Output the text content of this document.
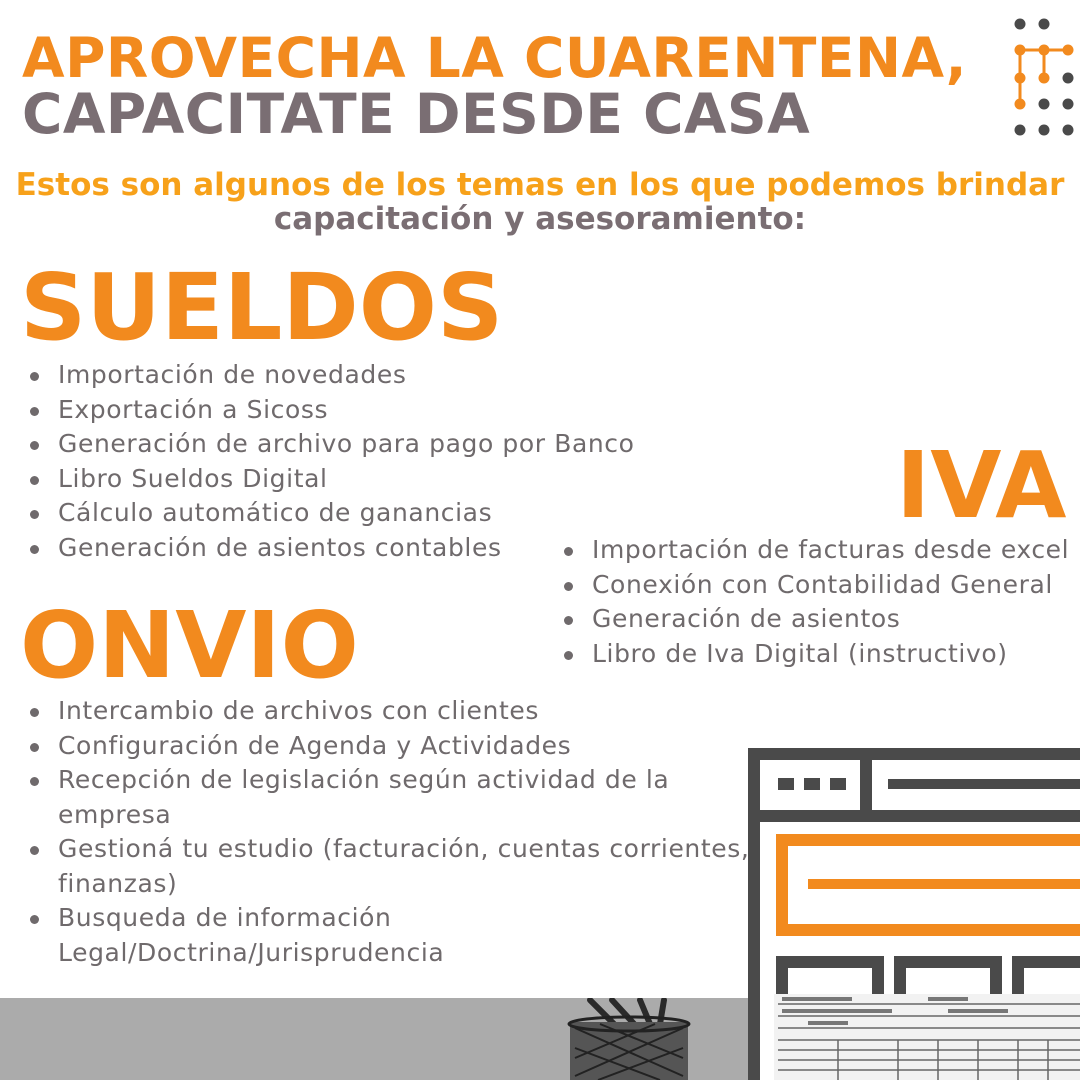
APROVECHA LA CUARENTENA,
CAPACITATE DESDE CASA
Estos son algunos de los temas en los que podemos brindar
capacitación y asesoramiento:
SUELDOS
Importación de novedades
Exportación a Sicoss
Generación de archivo para pago por Banco
Libro Sueldos Digital
Cálculo automático de ganancias
Generación de asientos contables
IVA
Importación de facturas desde excel
Conexión con Contabilidad General
Generación de asientos
Libro de Iva Digital (instructivo)
ONVIO
Intercambio de archivos con clientes
Configuración de Agenda y Actividades
Recepción de legislación según actividad de la empresa
Gestioná tu estudio (facturación, cuentas corrientes, finanzas)
Busqueda de información Legal/Doctrina/Jurisprudencia
